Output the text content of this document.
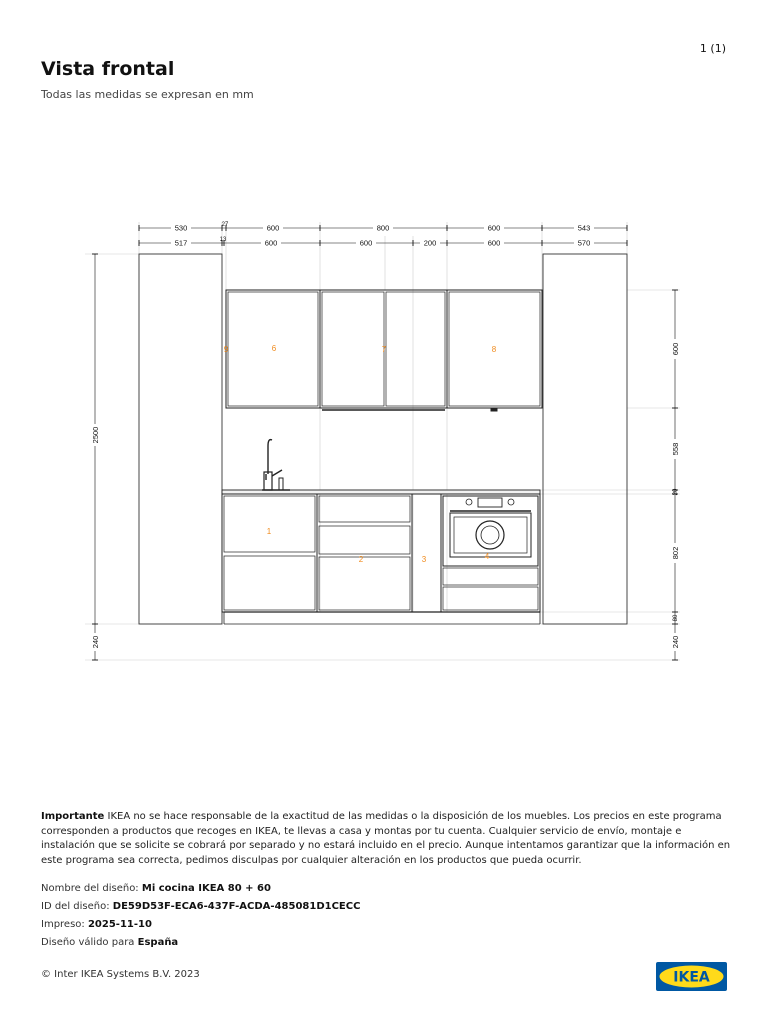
1 (1)
Vista frontal
Todas las medidas se expresan en mm
530	27	600	800	600	543
517	13	600	600	200	600	570
2500
240
600
558
20
802
80
240
9	6	7	8
1
2	3	4
Importante IKEA no se hace responsable de la exactitud de las medidas o la disposición de los muebles. Los precios en este programa corresponden a productos que recoges en IKEA, te llevas a casa y montas por tu cuenta. Cualquier servicio de envío, montaje e instalación que se solicite se cobrará por separado y no estará incluido en el precio. Aunque intentamos garantizar que la información en este programa sea correcta, pedimos disculpas por cualquier alteración en los productos que pueda ocurrir.
Nombre del diseño: Mi cocina IKEA 80 + 60
ID del diseño: DE59D53F-ECA6-437F-ACDA-485081D1CECC
Impreso: 2025-11-10
Diseño válido para España
© Inter IKEA Systems B.V. 2023	IKEA
